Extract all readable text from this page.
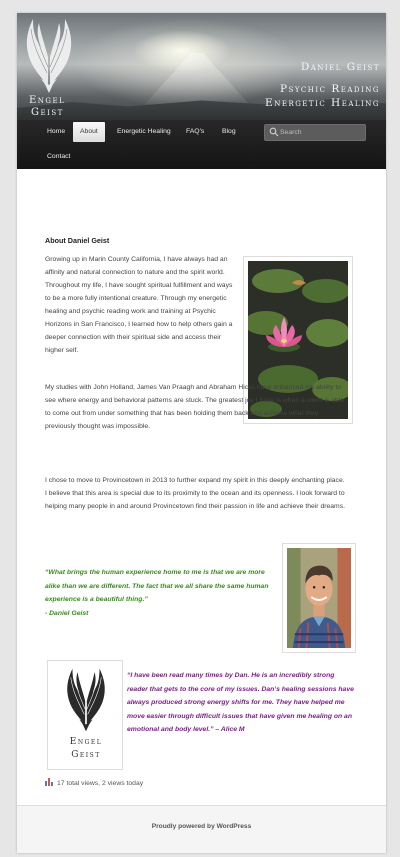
Engel
Geist
Daniel Geist
Psychic Reading
Energetic Healing
Home	About	Energetic Healing FAQ's	Blog
Contact
Search
About Daniel Geist

Growing up in Marin County California, I have always had an affinity and natural connection to nature and the spirit world. Throughout my life, I have sought spiritual fulfillment and ways to be a more fully intentional creature. Through my energetic healing and psychic reading work and training at Psychic Horizons in San Francisco, I learned how to help others gain a deeper connection with their spiritual side and access their higher self.

My studies with John Holland, James Van Praagh and Abraham Hicks have enhanced my ability to see where energy and behavioral patterns are stuck. The greatest joy I have is when a client is able to come out from under something that has been holding them back and achieve what they previously thought was impossible.

I chose to move to Provincetown in 2013 to further expand my spirit in this deeply enchanting place. I believe that this area is special due to its proximity to the ocean and its openness. I look forward to helping many people in and around Provincetown find their passion in life and achieve their dreams.

“What brings the human experience home to me is that we are more alike than we are different. The fact that we all share the same human experience is a beautiful thing.”
- Daniel Geist

Engel
Geist

“I have been read many times by Dan. He is an incredibly strong reader that gets to the core of my issues. Dan’s healing sessions have always produced strong energy shifts for me. They have helped me move easier through difficult issues that have given me healing on an emotional and body level.” – Alice M

17 total views, 2 views today
Proudly powered by WordPress
